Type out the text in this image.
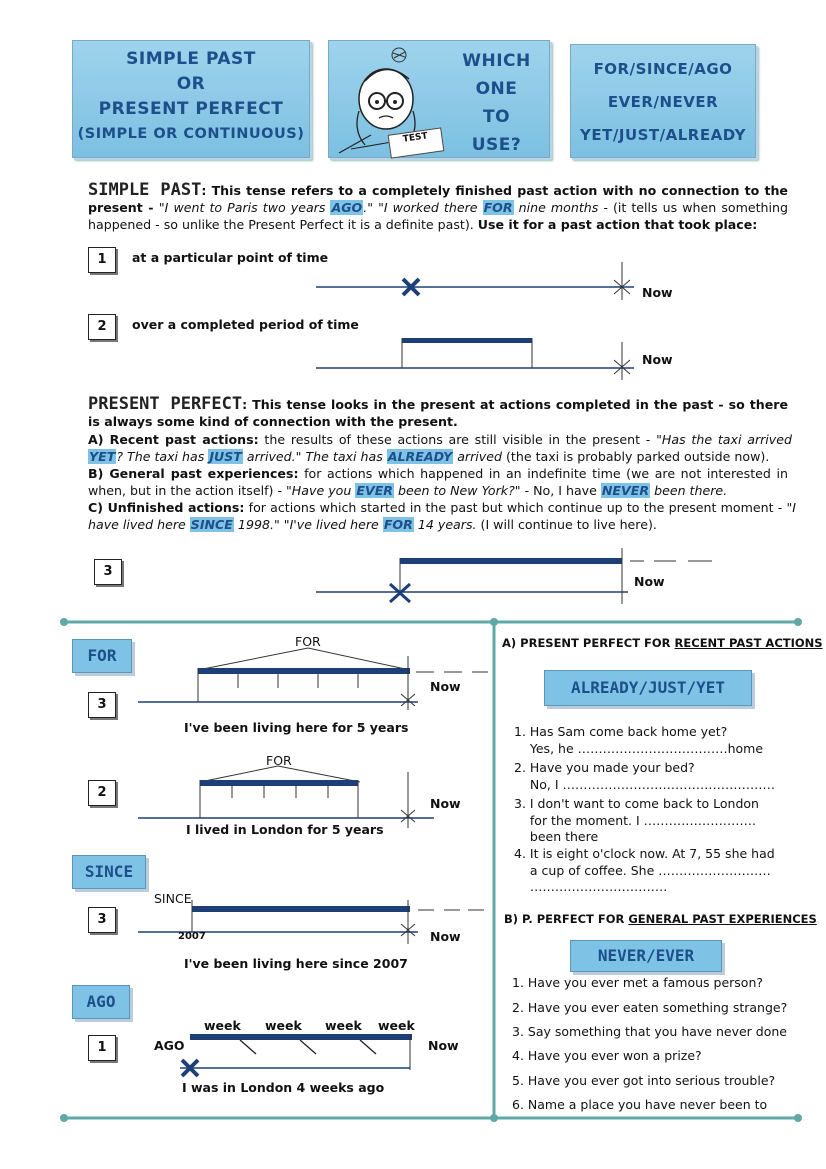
SIMPLE PAST
OR
PRESENT PERFECT
(SIMPLE OR CONTINUOUS)	TEST
WHICH
ONE
TO
USE?
FOR/SINCE/AGO
EVER/NEVER
YET/JUST/ALREADY
SIMPLE PAST: This tense refers to a completely finished past action with no connection to the present - "I went to Paris two years AGO." "I worked there FOR nine months - (it tells us when something happened - so unlike the Present Perfect it is a definite past). Use it for a past action that took place:
1	at a particular point of time
Now
2	over a completed period of time
Now
PRESENT PERFECT: This tense looks in the present at actions completed in the past - so there is always some kind of connection with the present.
A) Recent past actions: the results of these actions are still visible in the present - "Has the taxi arrived YET? The taxi has JUST arrived." The taxi has ALREADY arrived (the taxi is probably parked outside now).
B) General past experiences: for actions which happened in an indefinite time (we are not interested in when, but in the action itself) - "Have you EVER been to New York?" - No, I have NEVER been there.
C) Unfinished actions: for actions which started in the past but which continue up to the present moment - "I have lived here SINCE 1998." "I've lived here FOR 14 years. (I will continue to live here).
3
Now
FOR
FOR
3
Now
I've been living here for 5 years
FOR
2
Now
I lived in London for 5 years
SINCE
SINCE
3
2007	Now
I've been living here since 2007
AGO
1	AGO
week week week week
Now
I was in London 4 weeks ago
A) PRESENT PERFECT FOR RECENT PAST ACTIONS
ALREADY/JUST/YET
1. Has Sam come back home yet?
Yes, he ………………………………home
2. Have you made your bed?
No, I ……………………………………………
3. I don't want to come back to London
for the moment. I ………………………
been there
4. It is eight o'clock now. At 7, 55 she had
a cup of coffee. She ………………………
……………………………
B) P. PERFECT FOR GENERAL PAST EXPERIENCES
NEVER/EVER
1. Have you ever met a famous person?
2. Have you ever eaten something strange?
3. Say something that you have never done
4. Have you ever won a prize?
5. Have you ever got into serious trouble?
6. Name a place you have never been to
